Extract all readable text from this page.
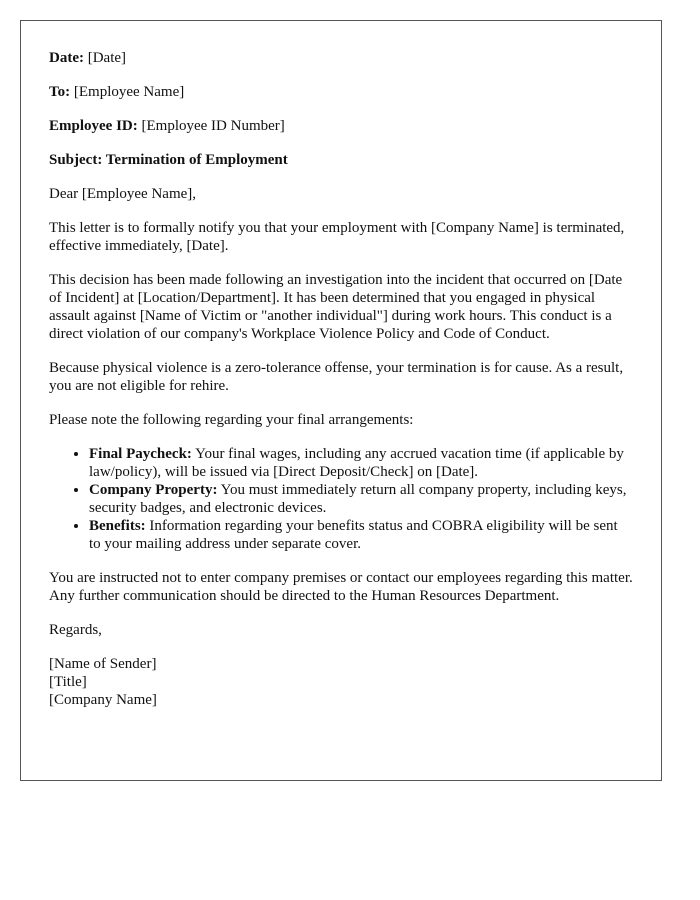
Date: [Date]

To: [Employee Name]

Employee ID: [Employee ID Number]

Subject: Termination of Employment

Dear [Employee Name],

This letter is to formally notify you that your employment with [Company Name] is terminated, effective immediately, [Date].

This decision has been made following an investigation into the incident that occurred on [Date of Incident] at [Location/Department]. It has been determined that you engaged in physical assault against [Name of Victim or "another individual"] during work hours. This conduct is a direct violation of our company's Workplace Violence Policy and Code of Conduct.

Because physical violence is a zero-tolerance offense, your termination is for cause. As a result, you are not eligible for rehire.

Please note the following regarding your final arrangements:

• Final Paycheck: Your final wages, including any accrued vacation time (if applicable by law/policy), will be issued via [Direct Deposit/Check] on [Date].
• Company Property: You must immediately return all company property, including keys, security badges, and electronic devices.
• Benefits: Information regarding your benefits status and COBRA eligibility will be sent to your mailing address under separate cover.

You are instructed not to enter company premises or contact our employees regarding this matter. Any further communication should be directed to the Human Resources Department.

Regards,

[Name of Sender]

[Title]

[Company Name]
